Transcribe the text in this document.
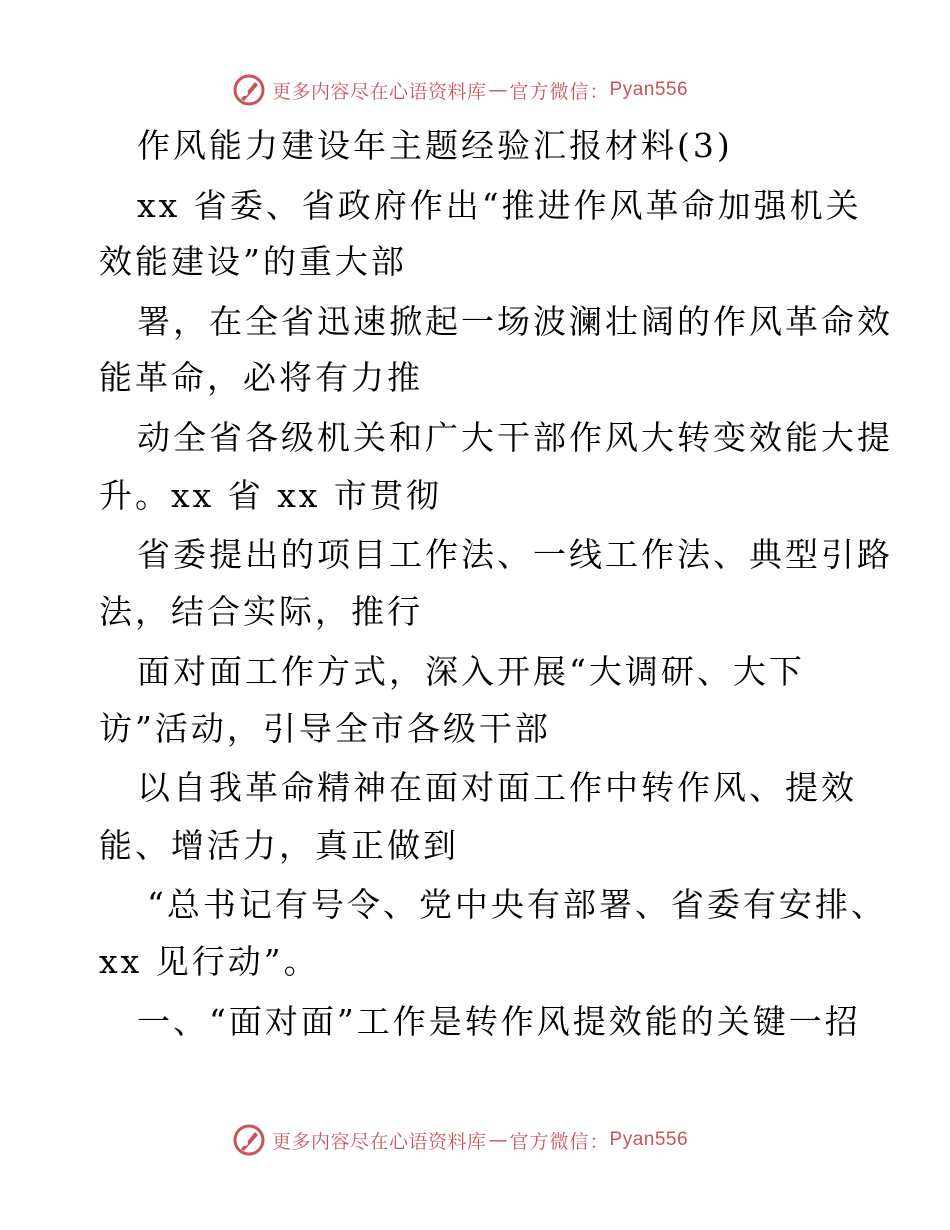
更多内容尽在心语资料库 — 官方微信： Pyan556
作风能力建设年主题经验汇报材料(3)
xx 省委、省政府作出“推进作风革命加强机关
效能建设”的重大部
署，在全省迅速掀起一场波澜壮阔的作风革命效
能革命，必将有力推
动全省各级机关和广大干部作风大转变效能大提
升。xx 省 xx 市贯彻
省委提出的项目工作法、一线工作法、典型引路
法，结合实际，推行
面对面工作方式，深入开展“大调研、大下
访”活动，引导全市各级干部
以自我革命精神在面对面工作中转作风、提效
能、增活力，真正做到
“总书记有号令、党中央有部署、省委有安排、
xx 见行动”。
一、“面对面”工作是转作风提效能的关键一招
更多内容尽在心语资料库 — 官方微信： Pyan556
